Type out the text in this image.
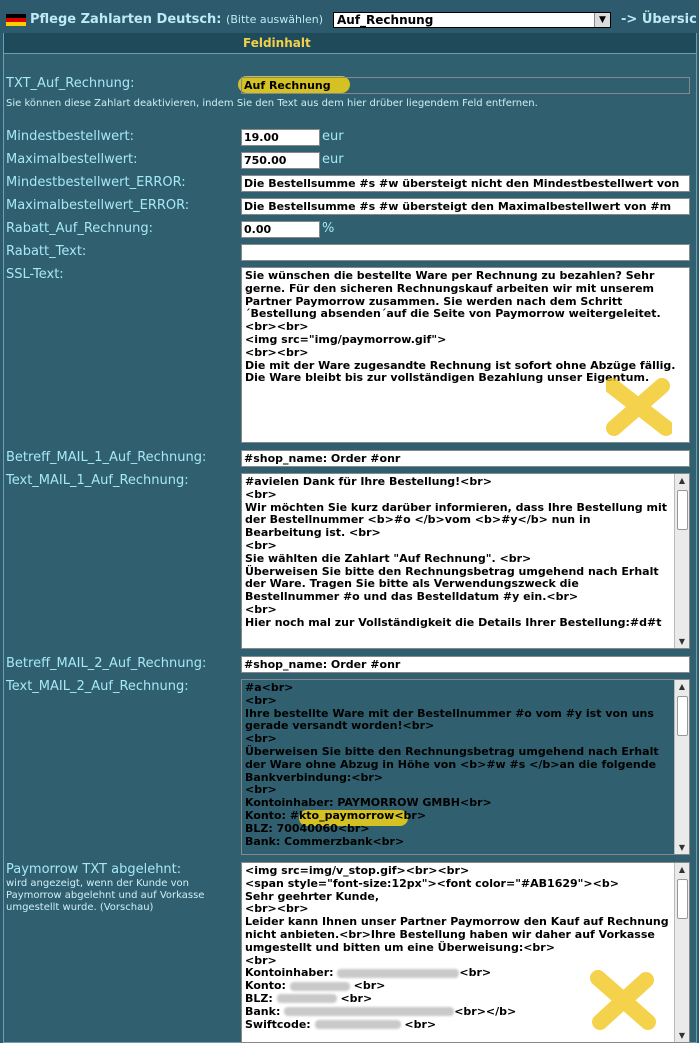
Pflege Zahlarten Deutsch: (Bitte auswählen) Auf_Rechnung	▼	-> Übersic
Feldinhalt
TXT_Auf_Rechnung:	Auf Rechnung
Sie können diese Zahlart deaktivieren, indem Sie den Text aus dem hier drüber liegendem Feld entfernen.
Mindestbestellwert:	19.00	eur
Maximalbestellwert:	750.00	eur
Mindestbestellwert_ERROR:	Die Bestellsumme #s #w übersteigt nicht den Mindestbestellwert von
Maximalbestellwert_ERROR:	Die Bestellsumme #s #w übersteigt den Maximalbestellwert von #m
Rabatt_Auf_Rechnung:	0.00	%
Rabatt_Text:
SSL-Text:	Sie wünschen die bestellte Ware per Rechnung zu bezahlen? Sehr gerne. Für den sicheren Rechnungskauf arbeiten wir mit unserem Partner Paymorrow zusammen. Sie werden nach dem Schritt ´Bestellung absenden´auf die Seite von Paymorrow weitergeleitet.
<br><br>
<img src="img/paymorrow.gif">
<br><br>
Die mit der Ware zugesandte Rechnung ist sofort ohne Abzüge fällig. Die Ware bleibt bis zur vollständigen Bezahlung unser Eigentum.
Betreff_MAIL_1_Auf_Rechnung:	#shop_name: Order #onr
Text_MAIL_1_Auf_Rechnung:	#avielen Dank für Ihre Bestellung!<br>
<br>
Wir möchten Sie kurz darüber informieren, dass Ihre Bestellung mit der Bestellnummer <b>#o </b>vom <b>#y</b> nun in Bearbeitung ist. <br>
<br>
Sie wählten die Zahlart "Auf Rechnung". <br>
Überweisen Sie bitte den Rechnungsbetrag umgehend nach Erhalt der Ware. Tragen Sie bitte als Verwendungszweck die Bestellnummer #o und das Bestelldatum #y ein.<br>
<br>
Hier noch mal zur Vollständigkeit die Details Ihrer Bestellung:#d#t
▲
▼
Betreff_MAIL_2_Auf_Rechnung:	#shop_name: Order #onr
Text_MAIL_2_Auf_Rechnung:	#a<br>
<br>
Ihre bestellte Ware mit der Bestellnummer #o vom #y ist von uns gerade versandt worden!<br>
<br>
Überweisen Sie bitte den Rechnungsbetrag umgehend nach Erhalt der Ware ohne Abzug in Höhe von <b>#w #s </b>an die folgende Bankverbindung:<br>
<br>
Kontoinhaber: PAYMORROW GMBH<br>
Konto: #kto_paymorrow<br>
BLZ: 70040060<br>
Bank: Commerzbank<br>
▲
▼
Paymorrow TXT abgelehnt:
wird angezeigt, wenn der Kunde von Paymorrow abgelehnt und auf Vorkasse umgestellt wurde. (Vorschau)
<img src=img/v_stop.gif><br><br>
<span style="font-size:12px"><font color="#AB1629"><b>
Sehr geehrter Kunde,
<br><br>
Leider kann Ihnen unser Partner Paymorrow den Kauf auf Rechnung nicht anbieten.<br>Ihre Bestellung haben wir daher auf Vorkasse umgestellt und bitten um eine Überweisung:<br>
<br>
Kontoinhaber:	<br>
Konto:	<br>
BLZ:	<br>
Bank:	<br></b>
Swiftcode:	<br>
▲
▼
